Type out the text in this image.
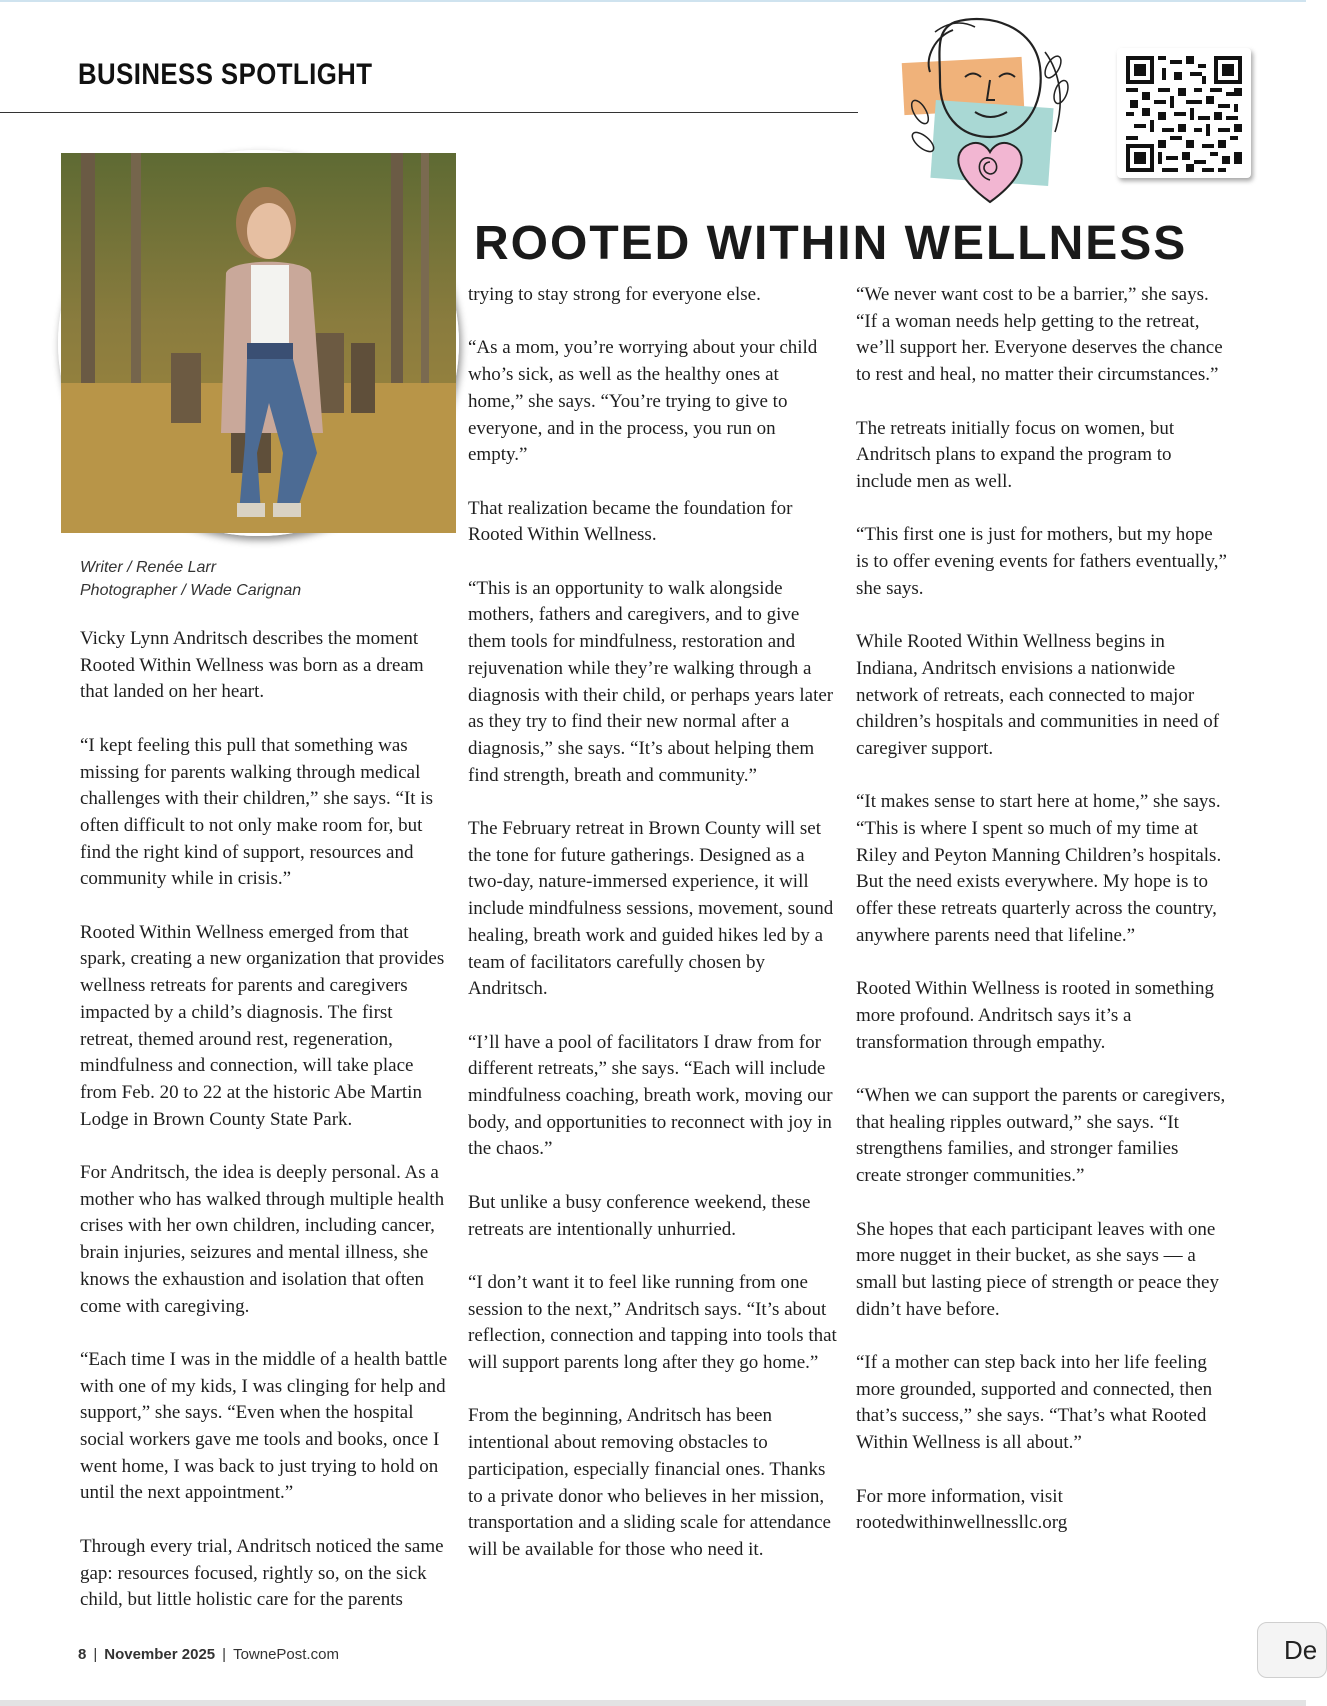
BUSINESS SPOTLIGHT
ROOTED WITHIN WELLNESS
Writer / Renée Larr
Photographer / Wade Carignan

Vicky Lynn Andritsch describes the moment Rooted Within Wellness was born as a dream that landed on her heart.

“I kept feeling this pull that something was missing for parents walking through medical challenges with their children,” she says. “It is often difficult to not only make room for, but find the right kind of support, resources and community while in crisis.”

Rooted Within Wellness emerged from that spark, creating a new organization that provides wellness retreats for parents and caregivers impacted by a child’s diagnosis. The first retreat, themed around rest, regeneration, mindfulness and connection, will take place from Feb. 20 to 22 at the historic Abe Martin Lodge in Brown County State Park.

For Andritsch, the idea is deeply personal. As a mother who has walked through multiple health crises with her own children, including cancer, brain injuries, seizures and mental illness, she knows the exhaustion and isolation that often come with caregiving.

“Each time I was in the middle of a health battle with one of my kids, I was clinging for help and support,” she says. “Even when the hospital social workers gave me tools and books, once I went home, I was back to just trying to hold on until the next appointment.”

Through every trial, Andritsch noticed the same gap: resources focused, rightly so, on the sick child, but little holistic care for the parents

trying to stay strong for everyone else.

“As a mom, you’re worrying about your child who’s sick, as well as the healthy ones at home,” she says. “You’re trying to give to everyone, and in the process, you run on empty.”

That realization became the foundation for Rooted Within Wellness.

“This is an opportunity to walk alongside mothers, fathers and caregivers, and to give them tools for mindfulness, restoration and rejuvenation while they’re walking through a diagnosis with their child, or perhaps years later as they try to find their new normal after a diagnosis,” she says. “It’s about helping them find strength, breath and community.”

The February retreat in Brown County will set the tone for future gatherings. Designed as a two-day, nature-immersed experience, it will include mindfulness sessions, movement, sound healing, breath work and guided hikes led by a team of facilitators carefully chosen by Andritsch.

“I’ll have a pool of facilitators I draw from for different retreats,” she says. “Each will include mindfulness coaching, breath work, moving our body, and opportunities to reconnect with joy in the chaos.”

But unlike a busy conference weekend, these retreats are intentionally unhurried.

“I don’t want it to feel like running from one session to the next,” Andritsch says. “It’s about reflection, connection and tapping into tools that will support parents long after they go home.”

From the beginning, Andritsch has been intentional about removing obstacles to participation, especially financial ones. Thanks to a private donor who believes in her mission, transportation and a sliding scale for attendance will be available for those who need it.

“We never want cost to be a barrier,” she says. “If a woman needs help getting to the retreat, we’ll support her. Everyone deserves the chance to rest and heal, no matter their circumstances.”

The retreats initially focus on women, but Andritsch plans to expand the program to include men as well.

“This first one is just for mothers, but my hope is to offer evening events for fathers eventually,” she says.

While Rooted Within Wellness begins in Indiana, Andritsch envisions a nationwide network of retreats, each connected to major children’s hospitals and communities in need of caregiver support.

“It makes sense to start here at home,” she says. “This is where I spent so much of my time at Riley and Peyton Manning Children’s hospitals. But the need exists everywhere. My hope is to offer these retreats quarterly across the country, anywhere parents need that lifeline.”

Rooted Within Wellness is rooted in something more profound. Andritsch says it’s a transformation through empathy.

“When we can support the parents or caregivers, that healing ripples outward,” she says. “It strengthens families, and stronger families create stronger communities.”

She hopes that each participant leaves with one more nugget in their bucket, as she says — a small but lasting piece of strength or peace they didn’t have before.

“If a mother can step back into her life feeling more grounded, supported and connected, then that’s success,” she says. “That’s what Rooted Within Wellness is all about.”

For more information, visit rootedwithinwellnessllc.org

8 | November 2025 | TownePost.com	De
